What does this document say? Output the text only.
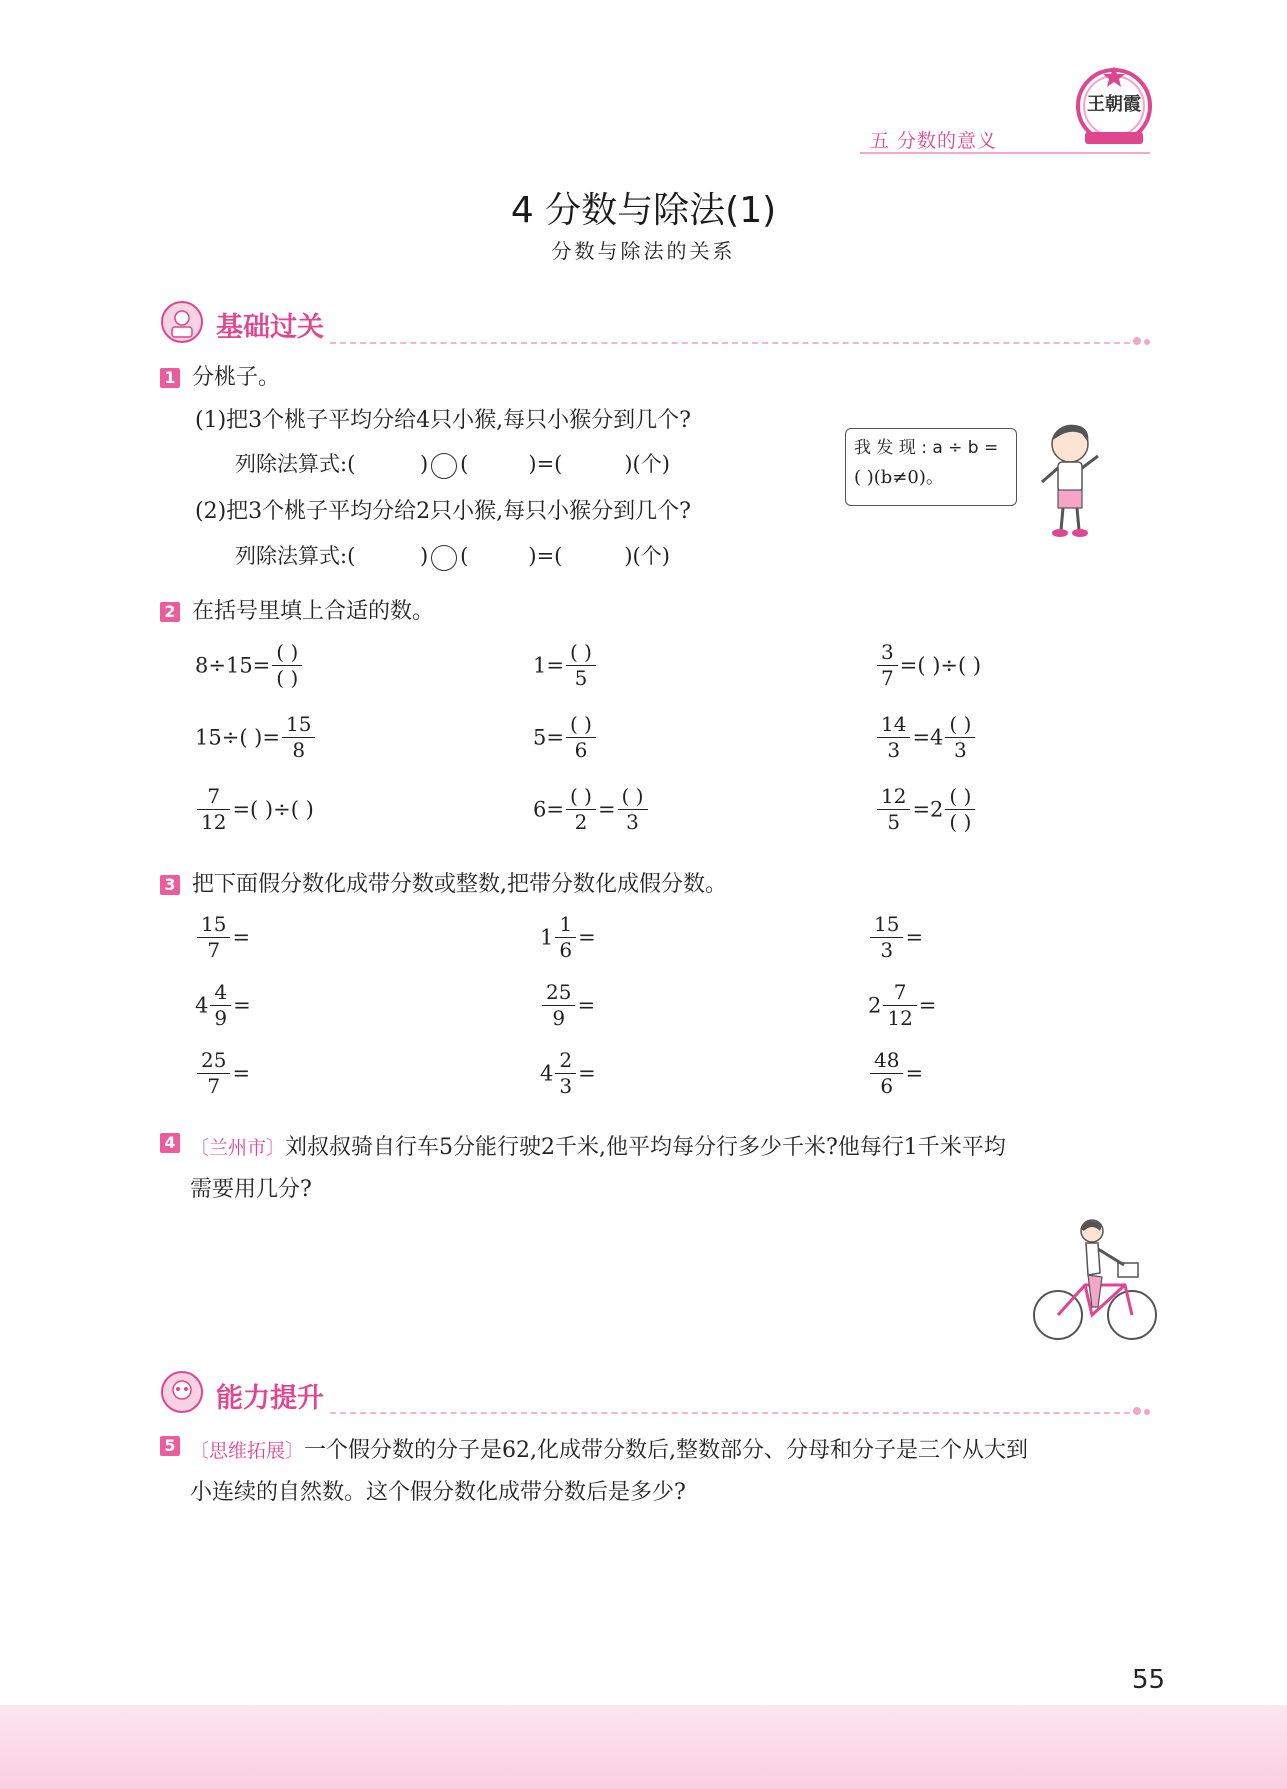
王朝霞
五 分数的意义
4 分数与除法(1)
分数与除法的关系
基础过关
1 分桃子。
(1)把3个桃子平均分给4只小猴,每只小猴分到几个?
列除法算式:(	) (	)=(	)(个)
(2)把3个桃子平均分给2只小猴,每只小猴分到几个?
列除法算式:(	) (	)=(	)(个)
我 发 现 : a ÷ b =
( )(b≠0)。
2 在括号里填上合适的数。
$8\div 15= \frac{( )}{( )}$	$1= \frac{( )}{5}$	$\frac{3}{7}$ =( )÷( )
15÷( )= $\frac{15}{8}$	$5= \frac{( )}{6}$	$\frac{14}{3} =4 \frac{( )}{3}$
$\frac{7}{12}$ =( )÷( )	$6= \frac{( )}{2} = \frac{( )}{3}$	$\frac{12}{5} =2 \frac{( )}{( )}$
3 把下面假分数化成带分数或整数,把带分数化成假分数。
$\frac{15}{7}$ =	$1 \frac{1}{6}$ =	$\frac{15}{3}$ =
$4 \frac{4}{9}$ =	$\frac{25}{9}$ =	$2 \frac{7}{12}$ =
$\frac{25}{7}$ =	$4 \frac{2}{3}$ =	$\frac{48}{6}$ =
4 〔兰州市〕刘叔叔骑自行车5分能行驶2千米,他平均每分行多少千米?他每行1千米平均
需要用几分?
能力提升
5 〔思维拓展〕一个假分数的分子是62,化成带分数后,整数部分、分母和分子是三个从大到
小连续的自然数。这个假分数化成带分数后是多少?
55
